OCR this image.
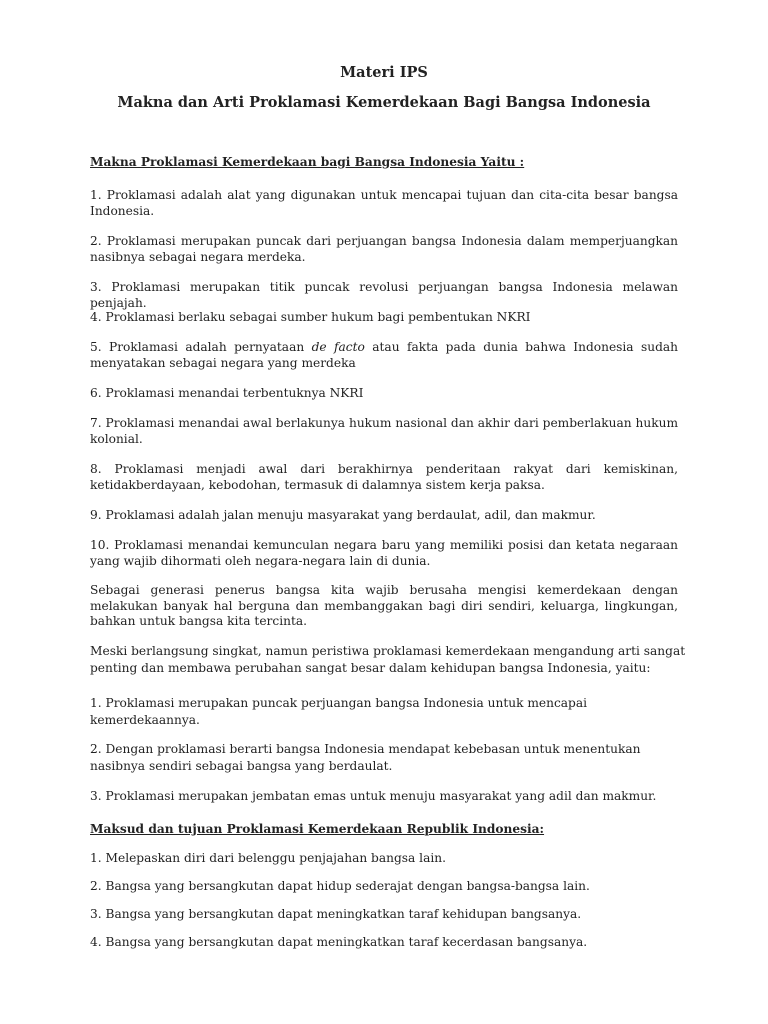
Materi IPS
Makna dan Arti Proklamasi Kemerdekaan Bagi Bangsa Indonesia

Makna Proklamasi Kemerdekaan bagi Bangsa Indonesia Yaitu :

1. Proklamasi adalah alat yang digunakan untuk mencapai tujuan dan cita-cita besar bangsa Indonesia.

2. Proklamasi merupakan puncak dari perjuangan bangsa Indonesia dalam memperjuangkan nasibnya sebagai negara merdeka.

3. Proklamasi merupakan titik puncak revolusi perjuangan bangsa Indonesia melawan penjajah.

4. Proklamasi berlaku sebagai sumber hukum bagi pembentukan NKRI

5. Proklamasi adalah pernyataan de facto atau fakta pada dunia bahwa Indonesia sudah menyatakan sebagai negara yang merdeka

6. Proklamasi menandai terbentuknya NKRI

7. Proklamasi menandai awal berlakunya hukum nasional dan akhir dari pemberlakuan hukum kolonial.

8. Proklamasi menjadi awal dari berakhirnya penderitaan rakyat dari kemiskinan, ketidakberdayaan, kebodohan, termasuk di dalamnya sistem kerja paksa.

9. Proklamasi adalah jalan menuju masyarakat yang berdaulat, adil, dan makmur.

10. Proklamasi menandai kemunculan negara baru yang memiliki posisi dan ketata negaraan yang wajib dihormati oleh negara-negara lain di dunia.

Sebagai generasi penerus bangsa kita wajib berusaha mengisi kemerdekaan dengan melakukan banyak hal berguna dan membanggakan bagi diri sendiri, keluarga, lingkungan, bahkan untuk bangsa kita tercinta.

Meski berlangsung singkat, namun peristiwa proklamasi kemerdekaan mengandung arti sangat penting dan membawa perubahan sangat besar dalam kehidupan bangsa Indonesia, yaitu:

1. Proklamasi merupakan puncak perjuangan bangsa Indonesia untuk mencapai kemerdekaannya.

2. Dengan proklamasi berarti bangsa Indonesia mendapat kebebasan untuk menentukan nasibnya sendiri sebagai bangsa yang berdaulat.

3. Proklamasi merupakan jembatan emas untuk menuju masyarakat yang adil dan makmur.

Maksud dan tujuan Proklamasi Kemerdekaan Republik Indonesia:

1. Melepaskan diri dari belenggu penjajahan bangsa lain.

2. Bangsa yang bersangkutan dapat hidup sederajat dengan bangsa-bangsa lain.

3. Bangsa yang bersangkutan dapat meningkatkan taraf kehidupan bangsanya.

4. Bangsa yang bersangkutan dapat meningkatkan taraf kecerdasan bangsanya.
